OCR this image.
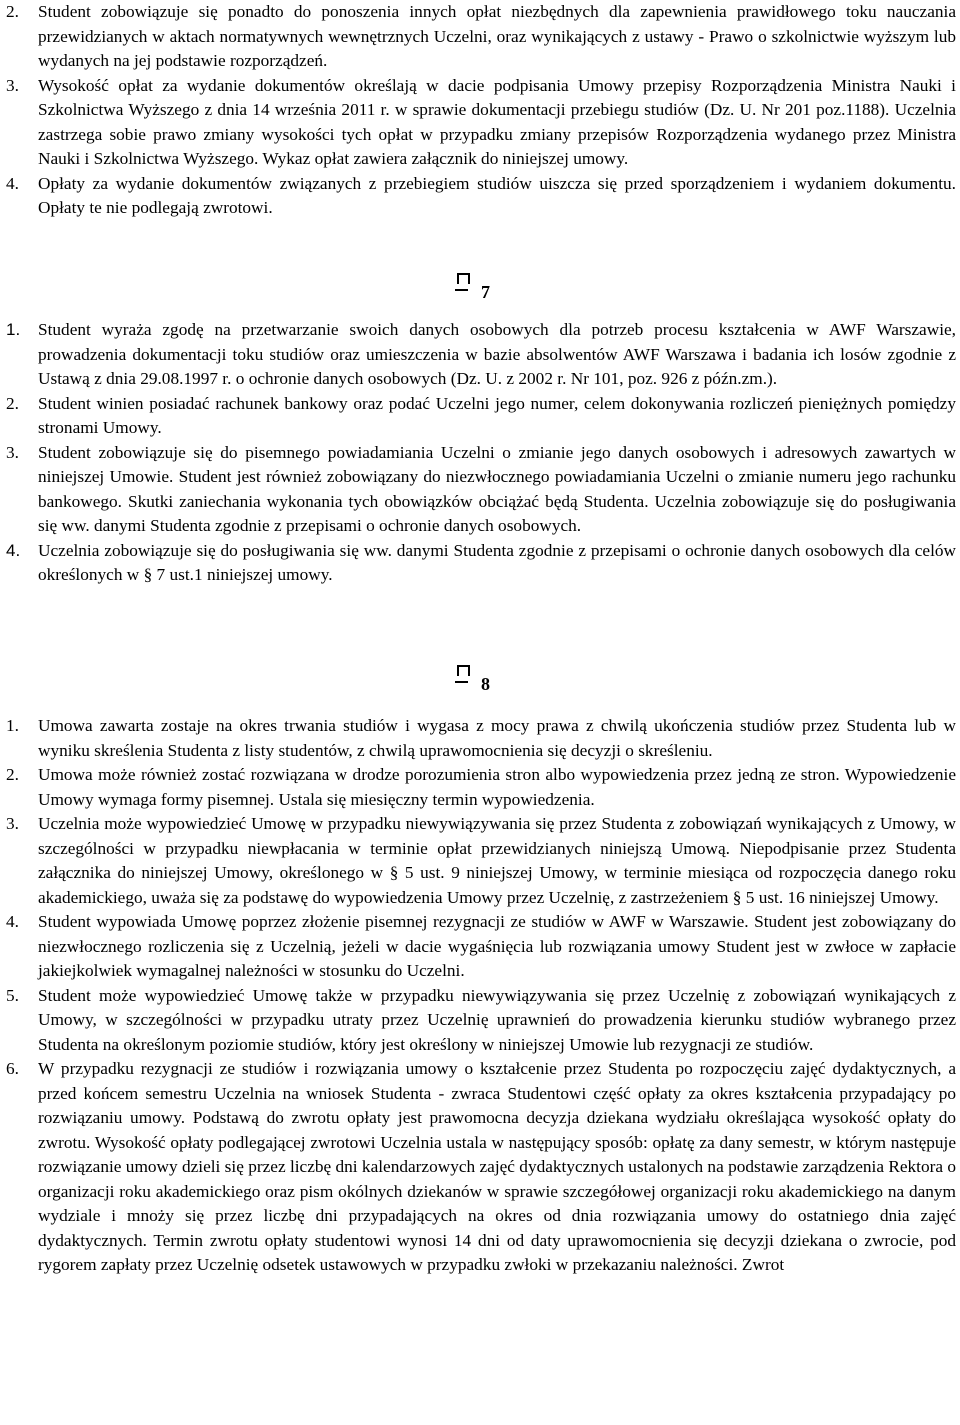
2. Student zobowiązuje się ponadto do ponoszenia innych opłat niezbędnych dla zapewnienia prawidłowego toku nauczania przewidzianych w aktach normatywnych wewnętrznych Uczelni, oraz wynikających z ustawy - Prawo o szkolnictwie wyższym lub wydanych na jej podstawie rozporządzeń.
3. Wysokość opłat za wydanie dokumentów określają w dacie podpisania Umowy przepisy Rozporządzenia Ministra Nauki i Szkolnictwa Wyższego z dnia 14 września 2011 r. w sprawie dokumentacji przebiegu studiów (Dz. U. Nr 201 poz.1188). Uczelnia zastrzega sobie prawo zmiany wysokości tych opłat w przypadku zmiany przepisów Rozporządzenia wydanego przez Ministra Nauki i Szkolnictwa Wyższego. Wykaz opłat zawiera załącznik do niniejszej umowy.
4. Opłaty za wydanie dokumentów związanych z przebiegiem studiów uiszcza się przed sporządzeniem i wydaniem dokumentu. Opłaty te nie podlegają zwrotowi.
7
1. Student wyraża zgodę na przetwarzanie swoich danych osobowych dla potrzeb procesu kształcenia w AWF Warszawie, prowadzenia dokumentacji toku studiów oraz umieszczenia w bazie absolwentów AWF Warszawa i badania ich losów zgodnie z Ustawą z dnia 29.08.1997 r. o ochronie danych osobowych (Dz. U. z 2002 r. Nr 101, poz. 926 z późn.zm.).
2. Student winien posiadać rachunek bankowy oraz podać Uczelni jego numer, celem dokonywania rozliczeń pieniężnych pomiędzy stronami Umowy.
3. Student zobowiązuje się do pisemnego powiadamiania Uczelni o zmianie jego danych osobowych i adresowych zawartych w niniejszej Umowie. Student jest również zobowiązany do niezwłocznego powiadamiania Uczelni o zmianie numeru jego rachunku bankowego. Skutki zaniechania wykonania tych obowiązków obciążać będą Studenta. Uczelnia zobowiązuje się do posługiwania się ww. danymi Studenta zgodnie z przepisami o ochronie danych osobowych.
4. Uczelnia zobowiązuje się do posługiwania się ww. danymi Studenta zgodnie z przepisami o ochronie danych osobowych dla celów określonych w § 7 ust.1 niniejszej umowy.
8
1. Umowa zawarta zostaje na okres trwania studiów i wygasa z mocy prawa z chwilą ukończenia studiów przez Studenta lub w wyniku skreślenia Studenta z listy studentów, z chwilą uprawomocnienia się decyzji o skreśleniu.
2. Umowa może również zostać rozwiązana w drodze porozumienia stron albo wypowiedzenia przez jedną ze stron. Wypowiedzenie Umowy wymaga formy pisemnej. Ustala się miesięczny termin wypowiedzenia.
3. Uczelnia może wypowiedzieć Umowę w przypadku niewywiązywania się przez Studenta z zobowiązań wynikających z Umowy, w szczególności w przypadku niewpłacania w terminie opłat przewidzianych niniejszą Umową. Niepodpisanie przez Studenta załącznika do niniejszej Umowy, określonego w § 5 ust. 9 niniejszej Umowy, w terminie miesiąca od rozpoczęcia danego roku akademickiego, uważa się za podstawę do wypowiedzenia Umowy przez Uczelnię, z zastrzeżeniem § 5 ust. 16 niniejszej Umowy.
4. Student wypowiada Umowę poprzez złożenie pisemnej rezygnacji ze studiów w AWF w Warszawie. Student jest zobowiązany do niezwłocznego rozliczenia się z Uczelnią, jeżeli w dacie wygaśnięcia lub rozwiązania umowy Student jest w zwłoce w zapłacie jakiejkolwiek wymagalnej należności w stosunku do Uczelni.
5. Student może wypowiedzieć Umowę także w przypadku niewywiązywania się przez Uczelnię z zobowiązań wynikających z Umowy, w szczególności w przypadku utraty przez Uczelnię uprawnień do prowadzenia kierunku studiów wybranego przez Studenta na określonym poziomie studiów, który jest określony w niniejszej Umowie lub rezygnacji ze studiów.
6. W przypadku rezygnacji ze studiów i rozwiązania umowy o kształcenie przez Studenta po rozpoczęciu zajęć dydaktycznych, a przed końcem semestru Uczelnia na wniosek Studenta - zwraca Studentowi część opłaty za okres kształcenia przypadający po rozwiązaniu umowy. Podstawą do zwrotu opłaty jest prawomocna decyzja dziekana wydziału określająca wysokość opłaty do zwrotu. Wysokość opłaty podlegającej zwrotowi Uczelnia ustala w następujący sposób: opłatę za dany semestr, w którym następuje rozwiązanie umowy dzieli się przez liczbę dni kalendarzowych zajęć dydaktycznych ustalonych na podstawie zarządzenia Rektora o organizacji roku akademickiego oraz pism okólnych dziekanów w sprawie szczegółowej organizacji roku akademickiego na danym wydziale i mnoży się przez liczbę dni przypadających na okres od dnia rozwiązania umowy do ostatniego dnia zajęć dydaktycznych. Termin zwrotu opłaty studentowi wynosi 14 dni od daty uprawomocnienia się decyzji dziekana o zwrocie, pod rygorem zapłaty przez Uczelnię odsetek ustawowych w przypadku zwłoki w przekazaniu należności. Zwrot
